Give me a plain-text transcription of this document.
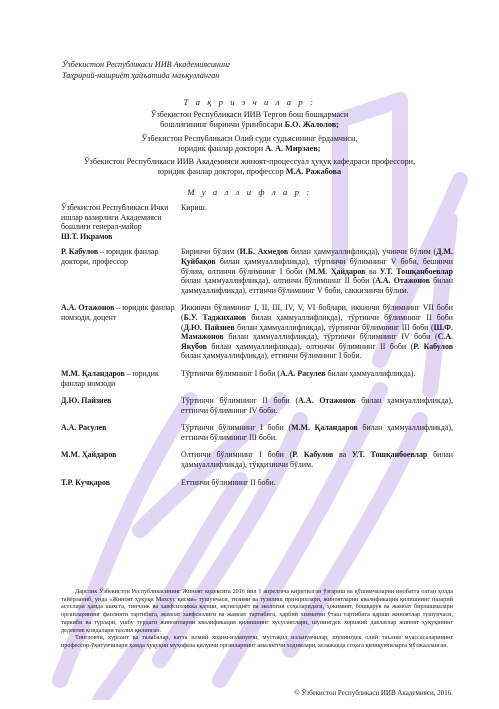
Ўзбекистон Республикаси ИИВ Академиясининг
Таҳририй-нашриёт ҳайъатида маъқулланган
Т а қ р и з ч и л а р :
Ўзбекистон Республикаси ИИВ Тергов бош бошқармаси
бошлиғининг биринчи ўринбосари Б.О. Жалолов;
Ўзбекистон Республикаси Олий суди судьясининг ёрдамчиси,
юридик фанлар доктори А. А. Мирзаев;
Ўзбекистон Республикаси ИИВ Академияси жиноят-процессуал ҳуқуқ кафедраси профессори,
юридик фанлар доктори, профессор М.А. Ражабова
М у а л л и ф л а р :
Ўзбекистон Республикаси Ички ишлар вазирлиги Академияси бошлиғи генерал-майор
Ш.Т. Икрамов	Кириш.
Р. Кабулов – юридик фанлар доктори, профессор	Биринчи бўлим (И.Б. Ахмедов билан ҳаммуаллифликда), учинчи бўлим (Д.М. Қуйбақов билан ҳаммуаллифликда), тўртинчи бўлимнинг V боби, бешинчи бўлим, олтинчи бўлимнинг I боби (М.М. Ҳайдаров ва У.Т. Тошқанбоевлар билан ҳаммуаллифликда), олтинчи бўлимнинг II боби (А.А. Отажонов билан ҳаммуаллифликда), еттинчи бўлимнинг V боби, саккизинчи бўлим.
А.А. Отажонов – юридик фанлар номзоди, доцент	Иккинчи бўлимнинг I, II, III, IV, V, VI боблари, иккинчи бўлимнинг VII боби (Б.У. Таджиханов билан ҳаммуаллифликда), тўртинчи бўлимнинг II боби (Д.Ю. Пайзиев билан ҳаммуаллифликда), тўртинчи бўлимнинг III боби (Ш.Ф. Мамажонов билан ҳаммуаллифликда), тўртинчи бўлимнинг IV боби (С.А. Якубов билан ҳаммуаллифликда), олтинчи бўлимнинг II боби (Р. Кабулов билан ҳаммуаллифликда), еттинчи бўлимнинг I боби.
М.М. Қаландаров – юридик фанлар номзоди	Тўртинчи бўлимнинг I боби (А.А. Расулев билан ҳаммуаллифликда).
Д.Ю. Пайзиев	Тўртинчи бўлимнинг II боби (А.А. Отажонов билан ҳаммуаллифликда), еттинчи бўлимнинг IV боби.
А.А. Расулев	Тўртинчи бўлимнинг I боби (М.М. Қаландаров билан ҳаммуаллифликда), еттинчи бўлимнинг III боби.
М.М. Ҳайдаров	Олтинчи бўлимнинг I боби (Р. Кабулов ва У.Т. Тошқанбоевлар билан ҳаммуаллифликда), тўққизинчи бўлим.
Т.Р. Кучқаров	Еттинчи бўлимнинг II боби.

Дарслик Ўзбекистон Республикасининг Жиноят кодексига 2016 йил 1 апрелгача киритилган ўзгариш ва қўшимчаларни инобатга олган ҳолда тайёрланиб, унда «Жиноят ҳуқуқи Махсус қисми» тушунчаси, тизими ва тузилиш принциплари, жиноятларни квалификация қилишнинг назарий асослари ҳамда шахсга, тинчлик ва хавфсизликка қарши, иқтисодиёт ва экология соҳаларидаги, ҳокимият, бошқарув ва жамоат бирлашмалари органларининг фаолияти тартибига, жамоат хавфсизлиги ва жамоат тартибига, ҳарбий хизматни ўташ тартибига қарши жиноятлар тушунчаси, таркиби ва турлари, ушбу турдаги жиноятларни квалификация қилишнинг хусусиятлари, шунингдек хорижий давлатлар жиноят ҳуқуқининг дедектив қоидалари тахлил қилинган.

Тингловчи, курсант ва талабалар, катта илмий ходим-изланувчи, мустақил изланувчилар, шунингдек олий таълим муассасаларининг профессор-ўқитувчилари ҳамда ҳуқуқни муҳофаза қилувчи органларнинг амалиётчи ходимлари, келажакда соҳага қизиқувчиларга мўлжалланган.

© Ўзбекистон Республикаси ИИВ Академияси, 2016.
